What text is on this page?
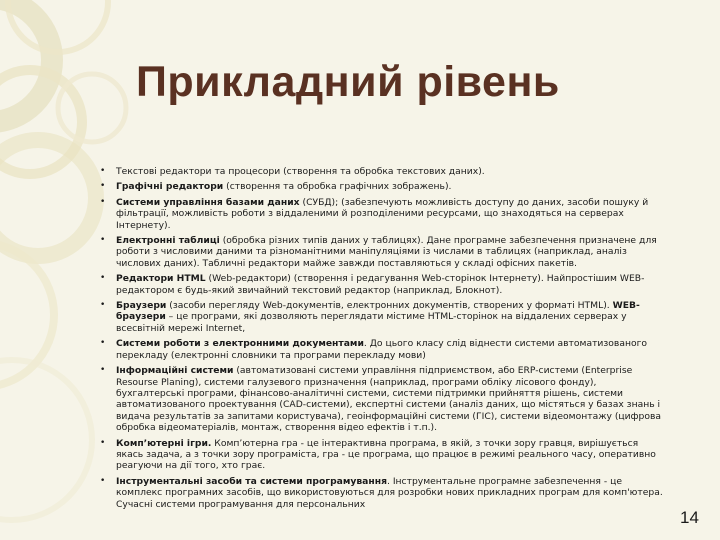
Прикладний рівень
• Текстові редактори та процесори (створення та обробка текстових даних).
• Графічні редактори (створення та обробка графічних зображень).
• Системи управління базами даних (СУБД); (забезпечують можливість доступу до даних, засоби пошуку й фільтрації, можливість роботи з віддаленими й розподіленими ресурсами, що знаходяться на серверах Інтернету).
• Електронні таблиці (обробка різних типів даних у таблицях). Дане програмне забезпечення призначене для роботи з числовими даними та різноманітними маніпуляціями із числами в таблицях (наприклад, аналіз числових даних). Табличні редактори майже завжди поставляються у складі офісних пакетів.
• Редактори HTML (Web-редактори) (створення і редагування Web-сторінок Інтернету). Найпростішим WEB-редактором є будь-який звичайний текстовий редактор (наприклад, Блокнот).
• Браузери (засоби перегляду Web-документів, електронних документів, створених у форматі HTML). WEB-браузери – це програми, які дозволяють переглядати містиме HTML-сторінок на віддалених серверах у всесвітній мережі Internet,
• Системи роботи з електронними документами. До цього класу слід віднести системи автоматизованого перекладу (електронні словники та програми перекладу мови)
• Інформаційні системи (автоматизовані системи управління підприємством, або ERP-системи (Enterprise Resourse Planing), системи галузевого призначення (наприклад, програми обліку лісового фонду), бухгалтерські програми, фінансово-аналітичні системи, системи підтримки прийняття рішень, системи автоматизованого проектування (CAD-системи), експертні системи (аналіз даних, що містяться у базах знань і видача результатів за запитами користувача), геоінформаційні системи (ГІС), системи відеомонтажу (цифрова обробка відеоматеріалів, монтаж, створення відео ефектів і т.п.).
• Комп’ютерні ігри. Комп’ютерна гра - це інтерактивна програма, в якій, з точки зору гравця, вирішується якась задача, а з точки зору програміста, гра - це програма, що працює в режимі реального часу, оперативно реагуючи на дії того, хто грає.
• Інструментальні засоби та системи програмування. Інструментальне програмне забезпечення - це комплекс програмних засобів, що використовуються для розробки нових прикладних програм для комп'ютера. Сучасні системи програмування для персональних
14
